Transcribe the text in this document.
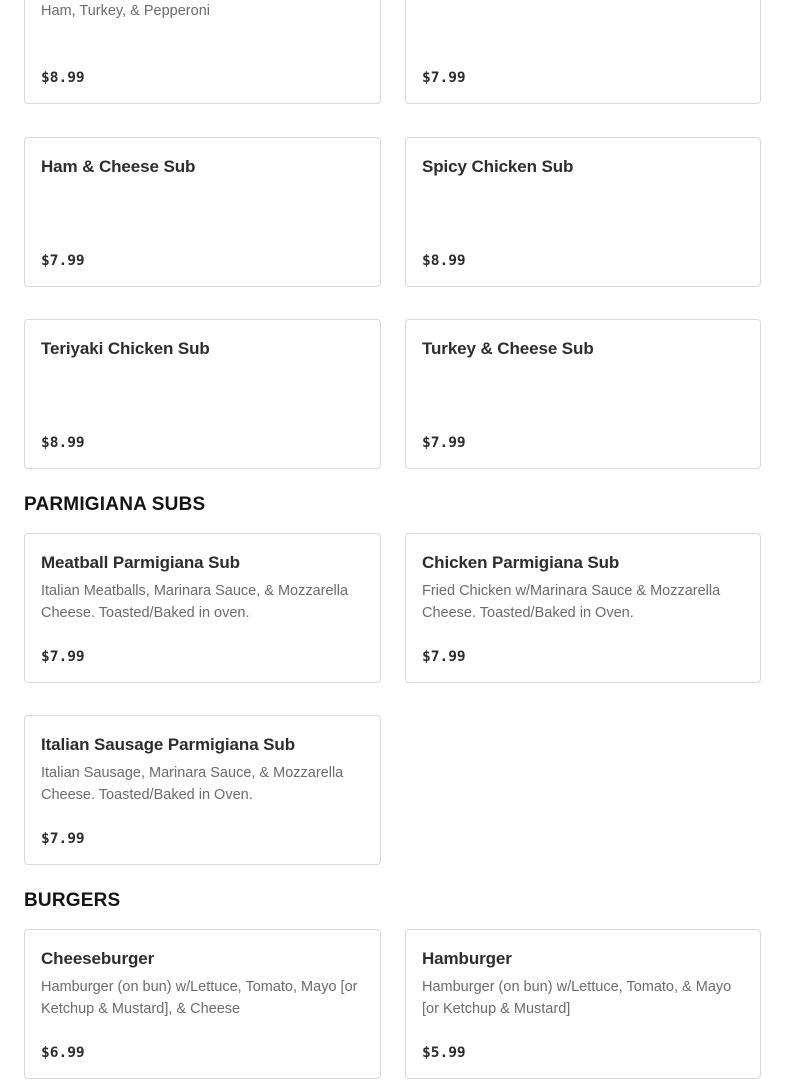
Ham, Turkey, & Pepperoni
$8.99	$7.99
Ham & Cheese Sub
$7.99
Spicy Chicken Sub
$8.99
Teriyaki Chicken Sub
$8.99
Turkey & Cheese Sub
$7.99
PARMIGIANA SUBS
Meatball Parmigiana Sub
Italian Meatballs, Marinara Sauce, & Mozzarella Cheese. Toasted/Baked in oven.
$7.99
Chicken Parmigiana Sub
Fried Chicken w/Marinara Sauce & Mozzarella Cheese. Toasted/Baked in Oven.
$7.99
Italian Sausage Parmigiana Sub
Italian Sausage, Marinara Sauce, & Mozzarella Cheese. Toasted/Baked in Oven.
$7.99
BURGERS
Cheeseburger
Hamburger (on bun) w/Lettuce, Tomato, Mayo [or Ketchup & Mustard], & Cheese
$6.99
Hamburger
Hamburger (on bun) w/Lettuce, Tomato, & Mayo [or Ketchup & Mustard]
$5.99
